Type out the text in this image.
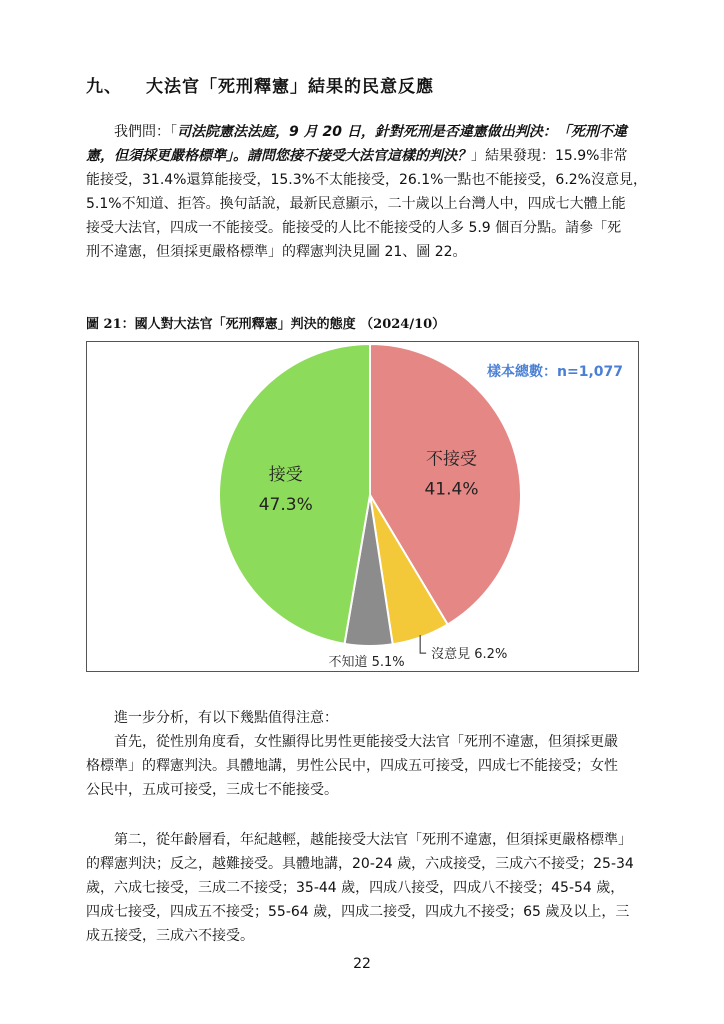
九、 大法官「死刑釋憲」結果的民意反應
我們問：「司法院憲法法庭，9 月 20 日，針對死刑是否違憲做出判決：「死刑不違
憲，但須採更嚴格標準」。請問您接不接受大法官這樣的判決？」結果發現：15.9%非常
能接受，31.4%還算能接受，15.3%不太能接受，26.1%一點也不能接受，6.2%沒意見，
5.1%不知道、拒答。換句話說，最新民意顯示，二十歲以上台灣人中，四成七大體上能
接受大法官，四成一不能接受。能接受的人比不能接受的人多 5.9 個百分點。請參「死
刑不違憲，但須採更嚴格標準」的釋憲判決見圖 21、圖 22。
圖 21：國人對大法官「死刑釋憲」判決的態度 （2024/10）
不接受
41.4%
接受
47.3%
沒意見 6.2%
不知道 5.1%
樣本總數：n=1,077
進一步分析，有以下幾點值得注意：
首先，從性別角度看，女性顯得比男性更能接受大法官「死刑不違憲，但須採更嚴
格標準」的釋憲判決。具體地講，男性公民中，四成五可接受，四成七不能接受；女性
公民中，五成可接受，三成七不能接受。
第二，從年齡層看，年紀越輕，越能接受大法官「死刑不違憲，但須採更嚴格標準」
的釋憲判決；反之，越難接受。具體地講，20-24 歲，六成接受，三成六不接受；25-34
歲，六成七接受，三成二不接受；35-44 歲，四成八接受，四成八不接受；45-54 歲，
四成七接受，四成五不接受；55-64 歲，四成二接受，四成九不接受；65 歲及以上，三
成五接受，三成六不接受。
22
